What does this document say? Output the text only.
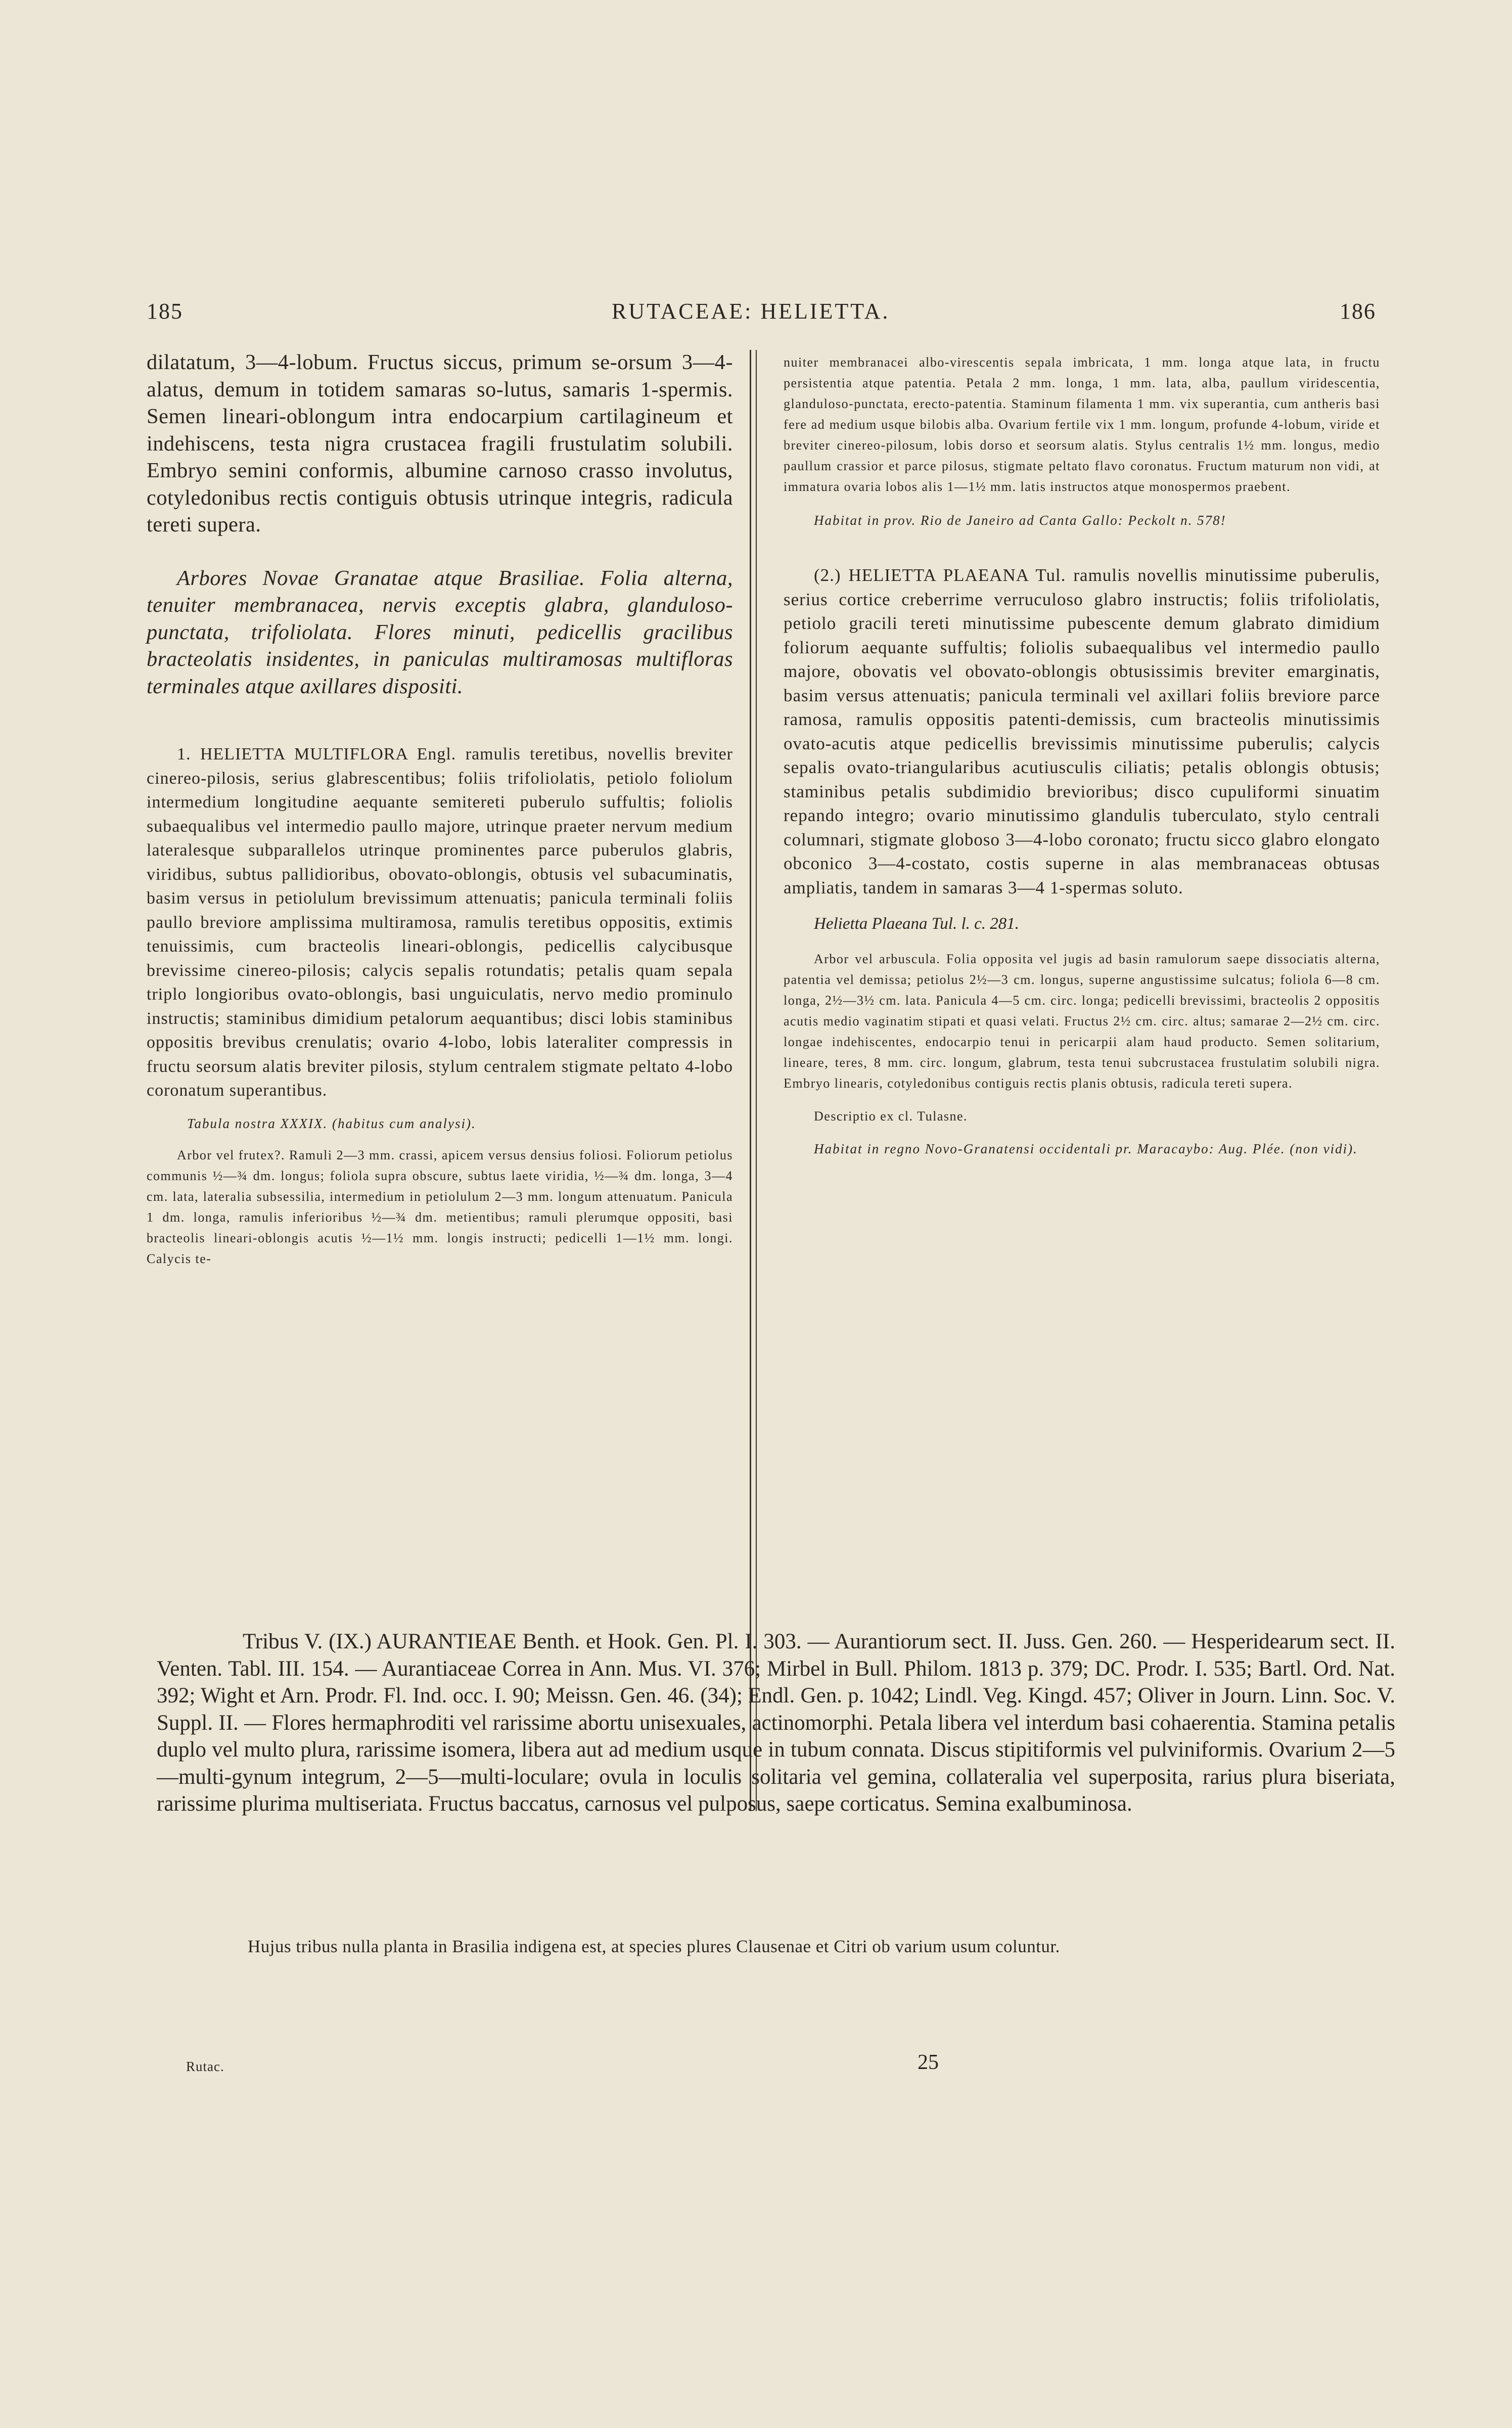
185	RUTACEAE: HELIETTA.	186

dilatatum, 3—4-lobum. Fructus siccus, primum se-orsum 3—4-alatus, demum in totidem samaras so-lutus, samaris 1-spermis. Semen lineari-oblongum intra endocarpium cartilagineum et indehiscens, testa nigra crustacea fragili frustulatim solubili. Embryo semini conformis, albumine carnoso crasso involutus, cotyledonibus rectis contiguis obtusis utrinque integris, radicula tereti supera.

Arbores Novae Granatae atque Brasiliae. Folia alterna, tenuiter membranacea, nervis exceptis glabra, glanduloso-punctata, trifoliolata. Flores minuti, pedicellis gracilibus bracteolatis insidentes, in paniculas multiramosas multifloras terminales atque axillares dispositi.

1. HELIETTA MULTIFLORA Engl. ramulis teretibus, novellis breviter cinereo-pilosis, serius glabrescentibus; foliis trifoliolatis, petiolo foliolum intermedium longitudine aequante semitereti puberulo suffultis; foliolis subaequalibus vel intermedio paullo majore, utrinque praeter nervum medium lateralesque subparallelos utrinque prominentes parce puberulos glabris, viridibus, subtus pallidioribus, obovato-oblongis, obtusis vel subacuminatis, basim versus in petiolulum brevissimum attenuatis; panicula terminali foliis paullo breviore amplissima multiramosa, ramulis teretibus oppositis, extimis tenuissimis, cum bracteolis lineari-oblongis, pedicellis calycibusque brevissime cinereo-pilosis; calycis sepalis rotundatis; petalis quam sepala triplo longioribus ovato-oblongis, basi unguiculatis, nervo medio prominulo instructis; staminibus dimidium petalorum aequantibus; disci lobis staminibus oppositis brevibus crenulatis; ovario 4-lobo, lobis lateraliter compressis in fructu seorsum alatis breviter pilosis, stylum centralem stigmate peltato 4-lobo coronatum superantibus.

Tabula nostra XXXIX. (habitus cum analysi).
Arbor vel frutex?. Ramuli 2—3 mm. crassi, apicem versus densius foliosi. Foliorum petiolus communis ½—¾ dm. longus; foliola supra obscure, subtus laete viridia, ½—¾ dm. longa, 3—4 cm. lata, lateralia subsessilia, intermedium in petiolulum 2—3 mm. longum attenuatum. Panicula 1 dm. longa, ramulis inferioribus ½—¾ dm. metientibus; ramuli plerumque oppositi, basi bracteolis lineari-oblongis acutis ½—1½ mm. longis instructi; pedicelli 1—1½ mm. longi. Calycis te-
nuiter membranacei albo-virescentis sepala imbricata, 1 mm. longa atque lata, in fructu persistentia atque patentia. Petala 2 mm. longa, 1 mm. lata, alba, paullum viridescentia, glanduloso-punctata, erecto-patentia. Staminum filamenta 1 mm. vix superantia, cum antheris basi fere ad medium usque bilobis alba. Ovarium fertile vix 1 mm. longum, profunde 4-lobum, viride et breviter cinereo-pilosum, lobis dorso et seorsum alatis. Stylus centralis 1½ mm. longus, medio paullum crassior et parce pilosus, stigmate peltato flavo coronatus. Fructum maturum non vidi, at immatura ovaria lobos alis 1—1½ mm. latis instructos atque monospermos praebent.
Habitat in prov. Rio de Janeiro ad Canta Gallo: Peckolt n. 578!

(2.) HELIETTA PLAEANA Tul. ramulis novellis minutissime puberulis, serius cortice creberrime verruculoso glabro instructis; foliis trifoliolatis, petiolo gracili tereti minutissime pubescente demum glabrato dimidium foliorum aequante suffultis; foliolis subaequalibus vel intermedio paullo majore, obovatis vel obovato-oblongis obtusissimis breviter emarginatis, basim versus attenuatis; panicula terminali vel axillari foliis breviore parce ramosa, ramulis oppositis patenti-demissis, cum bracteolis minutissimis ovato-acutis atque pedicellis brevissimis minutissime puberulis; calycis sepalis ovato-triangularibus acutiusculis ciliatis; petalis oblongis obtusis; staminibus petalis subdimidio brevioribus; disco cupuliformi sinuatim repando integro; ovario minutissimo glandulis tuberculato, stylo centrali columnari, stigmate globoso 3—4-lobo coronato; fructu sicco glabro elongato obconico 3—4-costato, costis superne in alas membranaceas obtusas ampliatis, tandem in samaras 3—4 1-spermas soluto.

Helietta Plaeana Tul. l. c. 281.
Arbor vel arbuscula. Folia opposita vel jugis ad basin ramulorum saepe dissociatis alterna, patentia vel demissa; petiolus 2½—3 cm. longus, superne angustissime sulcatus; foliola 6—8 cm. longa, 2½—3½ cm. lata. Panicula 4—5 cm. circ. longa; pedicelli brevissimi, bracteolis 2 oppositis acutis medio vaginatim stipati et quasi velati. Fructus 2½ cm. circ. altus; samarae 2—2½ cm. circ. longae indehiscentes, endocarpio tenui in pericarpii alam haud producto. Semen solitarium, lineare, teres, 8 mm. circ. longum, glabrum, testa tenui subcrustacea frustulatim solubili nigra. Embryo linearis, cotyledonibus contiguis rectis planis obtusis, radicula tereti supera.
Descriptio ex cl. Tulasne.
Habitat in regno Novo-Granatensi occidentali pr. Maracaybo: Aug. Plée. (non vidi).

Tribus V. (IX.) AURANTIEAE Benth. et Hook. Gen. Pl. I. 303. — Aurantiorum sect. II. Juss. Gen. 260. — Hesperidearum sect. II. Venten. Tabl. III. 154. — Aurantiaceae Correa in Ann. Mus. VI. 376; Mirbel in Bull. Philom. 1813 p. 379; DC. Prodr. I. 535; Bartl. Ord. Nat. 392; Wight et Arn. Prodr. Fl. Ind. occ. I. 90; Meissn. Gen. 46. (34); Endl. Gen. p. 1042; Lindl. Veg. Kingd. 457; Oliver in Journ. Linn. Soc. V. Suppl. II. — Flores hermaphroditi vel rarissime abortu unisexuales, actinomorphi. Petala libera vel interdum basi cohaerentia. Stamina petalis duplo vel multo plura, rarissime isomera, libera aut ad medium usque in tubum connata. Discus stipitiformis vel pulviniformis. Ovarium 2—5—multi-gynum integrum, 2—5—multi-loculare; ovula in loculis solitaria vel gemina, collateralia vel superposita, rarius plura biseriata, rarissime plurima multiseriata. Fructus baccatus, carnosus vel pulposus, saepe corticatus. Semina exalbuminosa.

Hujus tribus nulla planta in Brasilia indigena est, at species plures Clausenae et Citri ob varium usum coluntur.
Rutac.	25
